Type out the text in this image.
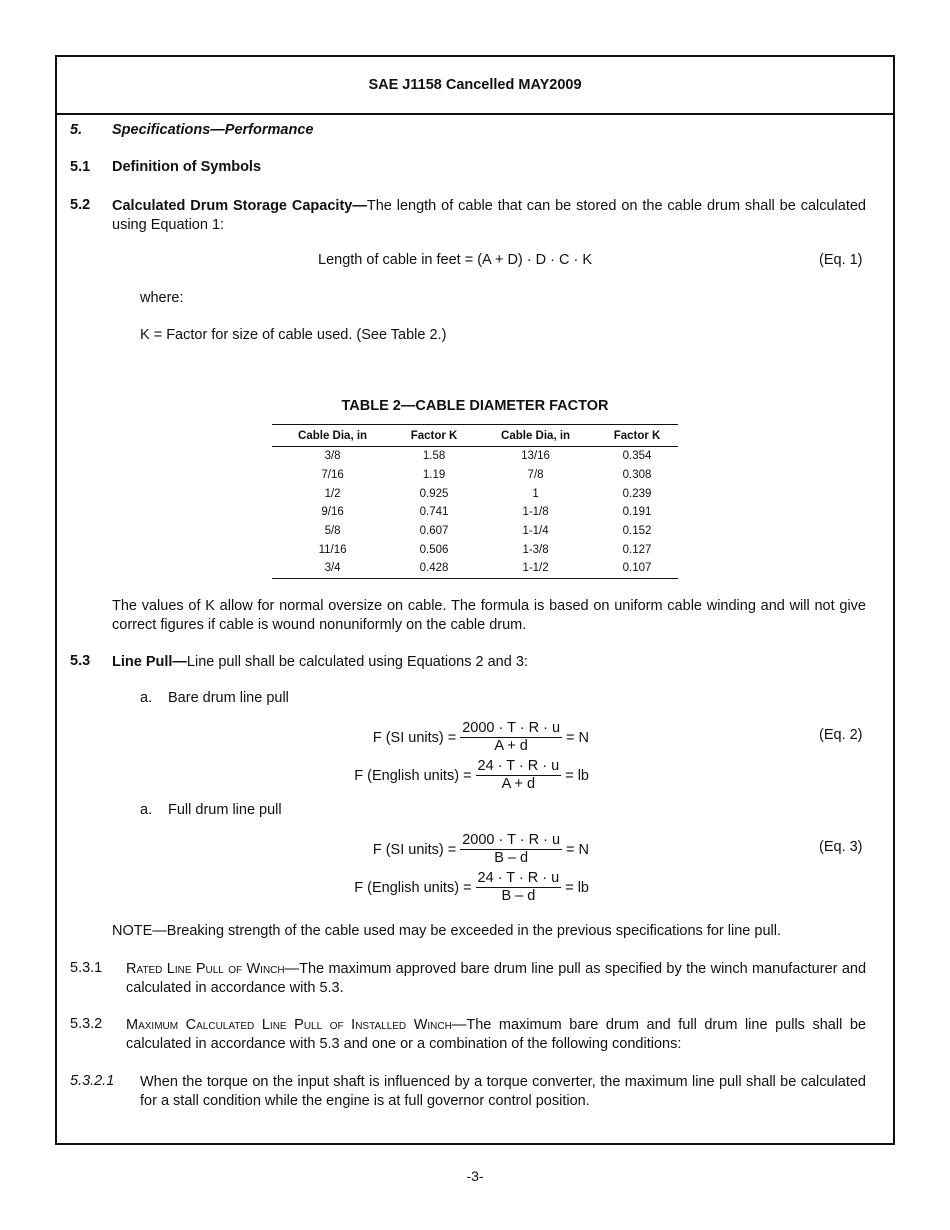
SAE J1158 Cancelled MAY2009
5. Specifications—Performance
5.1 Definition of Symbols
5.2 Calculated Drum Storage Capacity—The length of cable that can be stored on the cable drum shall be calculated using Equation 1:
Length of cable in feet = (A + D) · D · C · K	(Eq. 1)
where:
K = Factor for size of cable used. (See Table 2.)
TABLE 2—CABLE DIAMETER FACTOR
Cable Dia, in	Factor K	Cable Dia, in	Factor K
3/8	1.58	13/16	0.354
7/16	1.19	7/8	0.308
1/2	0.925	1	0.239
9/16	0.741	1-1/8	0.191
5/8	0.607	1-1/4	0.152
11/16	0.506	1-3/8	0.127
3/4	0.428	1-1/2	0.107
The values of K allow for normal oversize on cable. The formula is based on uniform cable winding and will not give correct figures if cable is wound nonuniformly on the cable drum.
5.3 Line Pull—Line pull shall be calculated using Equations 2 and 3:
a. Bare drum line pull
F (SI units) = $\frac{2000 \cdot T \cdot R \cdot u}{A + d} = N$	(Eq. 2)
F (English units) = $\frac{24 \cdot T \cdot R \cdot u}{A + d}$ = lb
a. Full drum line pull
F (SI units) = $\frac{2000 \cdot T \cdot R \cdot u}{B - d} = N$	(Eq. 3)
F (English units) = $\frac{24 \cdot T \cdot R \cdot u}{B - d}$ = lb
NOTE—Breaking strength of the cable used may be exceeded in the previous specifications for line pull.
5.3.1 Rated Line Pull of Winch—The maximum approved bare drum line pull as specified by the winch manufacturer and calculated in accordance with 5.3.
5.3.2 Maximum Calculated Line Pull of Installed Winch—The maximum bare drum and full drum line pulls shall be calculated in accordance with 5.3 and one or a combination of the following conditions:
5.3.2.1 When the torque on the input shaft is influenced by a torque converter, the maximum line pull shall be calculated for a stall condition while the engine is at full governor control position.
-3-
